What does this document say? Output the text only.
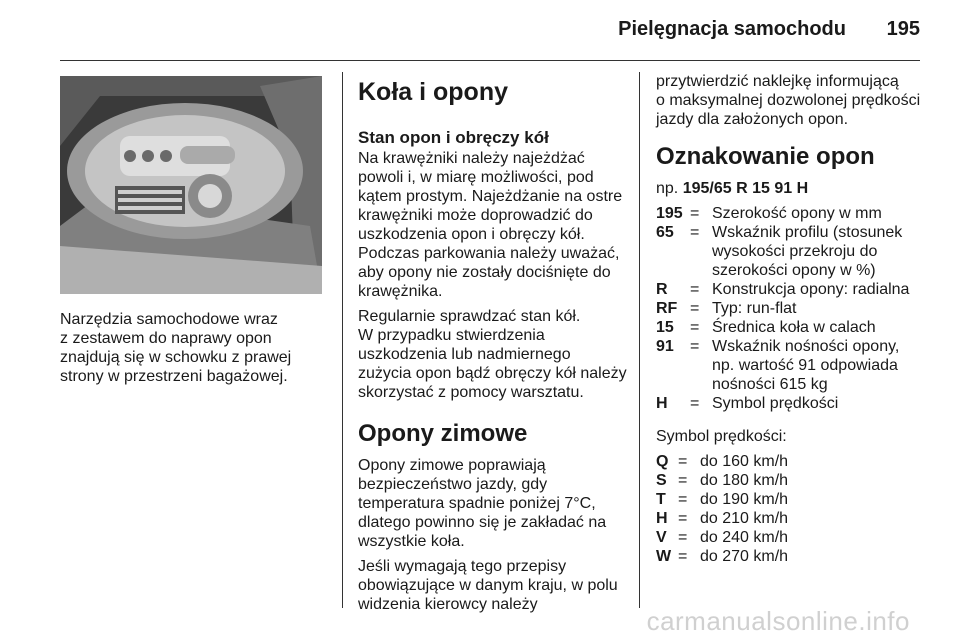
Pielęgnacja samochodu 195
Narzędzia samochodowe wraz
z zestawem do naprawy opon
znajdują się w schowku z prawej
strony w przestrzeni bagażowej.
Koła i opony
Stan opon i obręczy kół

Na krawężniki należy najeżdżać
powoli i, w miarę możliwości, pod
kątem prostym. Najeżdżanie na ostre
krawężniki może doprowadzić do
uszkodzenia opon i obręczy kół.
Podczas parkowania należy uważać,
aby opony nie zostały dociśnięte do
krawężnika.

Regularnie sprawdzać stan kół.
W przypadku stwierdzenia
uszkodzenia lub nadmiernego
zużycia opon bądź obręczy kół należy
skorzystać z pomocy warsztatu.

Opony zimowe

Opony zimowe poprawiają
bezpieczeństwo jazdy, gdy
temperatura spadnie poniżej 7°C,
dlatego powinno się je zakładać na
wszystkie koła.

Jeśli wymagają tego przepisy
obowiązujące w danym kraju, w polu
widzenia kierowcy należy

przytwierdzić naklejkę informującą
o maksymalnej dozwolonej prędkości
jazdy dla założonych opon.

Oznakowanie opon
np. 195/65 R 15 91 H
195	=	Szerokość opony w mm
65	=	Wskaźnik profilu (stosunek
wysokości przekroju do
szerokości opony w %)
R	=	Konstrukcja opony: radialna
RF	=	Typ: run-flat
15	=	Średnica koła w calach
91	=	Wskaźnik nośności opony,
np. wartość 91 odpowiada
nośności 615 kg
H	=	Symbol prędkości

Symbol prędkości:

Q	=	do 160 km/h
S	=	do 180 km/h
T	=	do 190 km/h
H	=	do 210 km/h
V	=	do 240 km/h
W	=	do 270 km/h
carmanualsonline.info
